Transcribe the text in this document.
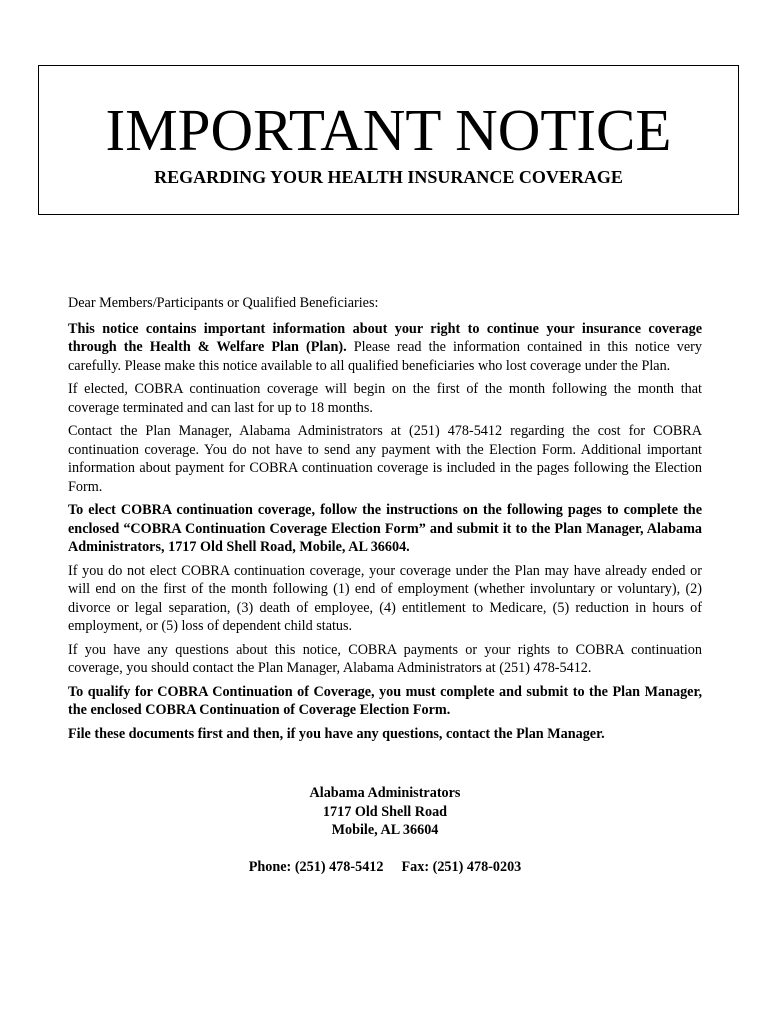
IMPORTANT NOTICE
REGARDING YOUR HEALTH INSURANCE COVERAGE

Dear Members/Participants or Qualified Beneficiaries:

This notice contains important information about your right to continue your insurance coverage through the Health & Welfare Plan (Plan). Please read the information contained in this notice very carefully. Please make this notice available to all qualified beneficiaries who lost coverage under the Plan.

If elected, COBRA continuation coverage will begin on the first of the month following the month that coverage terminated and can last for up to 18 months.

Contact the Plan Manager, Alabama Administrators at (251) 478-5412 regarding the cost for COBRA continuation coverage. You do not have to send any payment with the Election Form. Additional important information about payment for COBRA continuation coverage is included in the pages following the Election Form.

To elect COBRA continuation coverage, follow the instructions on the following pages to complete the enclosed “COBRA Continuation Coverage Election Form” and submit it to the Plan Manager, Alabama Administrators, 1717 Old Shell Road, Mobile, AL 36604.

If you do not elect COBRA continuation coverage, your coverage under the Plan may have already ended or will end on the first of the month following (1) end of employment (whether involuntary or voluntary), (2) divorce or legal separation, (3) death of employee, (4) entitlement to Medicare, (5) reduction in hours of employment, or (5) loss of dependent child status.

If you have any questions about this notice, COBRA payments or your rights to COBRA continuation coverage, you should contact the Plan Manager, Alabama Administrators at (251) 478-5412.

To qualify for COBRA Continuation of Coverage, you must complete and submit to the Plan Manager, the enclosed COBRA Continuation of Coverage Election Form.

File these documents first and then, if you have any questions, contact the Plan Manager.

Alabama Administrators
1717 Old Shell Road
Mobile, AL 36604
Phone: (251) 478-5412 Fax: (251) 478-0203
